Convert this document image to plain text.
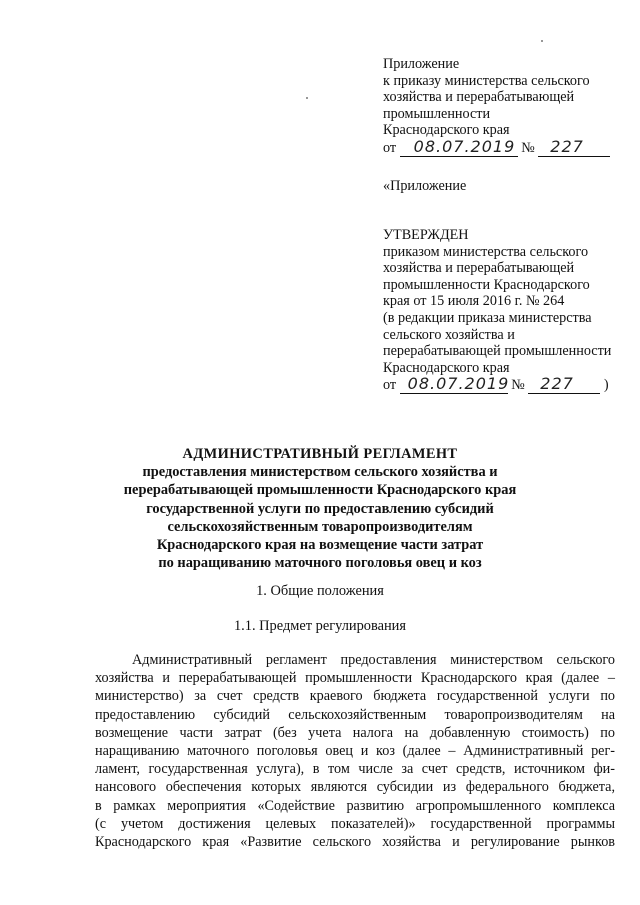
Приложение
к приказу министерства сельского
хозяйства и перерабатывающей
промышленности
Краснодарского края
от 08.07.2019 № 227
«Приложение
УТВЕРЖДЕН
приказом министерства сельского
хозяйства и перерабатывающей
промышленности Краснодарского
края от 15 июля 2016 г. № 264
(в редакции приказа министерства
сельского хозяйства и
перерабатывающей промышленности
Краснодарского края
от 08.07.2019 № 227 )
АДМИНИСТРАТИВНЫЙ РЕГЛАМЕНТ
предоставления министерством сельского хозяйства и
перерабатывающей промышленности Краснодарского края
государственной услуги по предоставлению субсидий
сельскохозяйственным товаропроизводителям
Краснодарского края на возмещение части затрат
по наращиванию маточного поголовья овец и коз
1. Общие положения
1.1. Предмет регулирования
Административный регламент предоставления министерством сельского
хозяйства и перерабатывающей промышленности Краснодарского края (далее –
министерство) за счет средств краевого бюджета государственной услуги по
предоставлению субсидий сельскохозяйственным товаропроизводителям на
возмещение части затрат (без учета налога на добавленную стоимость) по
наращиванию маточного поголовья овец и коз (далее – Административный рег-
ламент, государственная услуга), в том числе за счет средств, источником фи-
нансового обеспечения которых являются субсидии из федерального бюджета,
в рамках мероприятия «Содействие развитию агропромышленного комплекса
(с учетом достижения целевых показателей)» государственной программы
Краснодарского края «Развитие сельского хозяйства и регулирование рынков
